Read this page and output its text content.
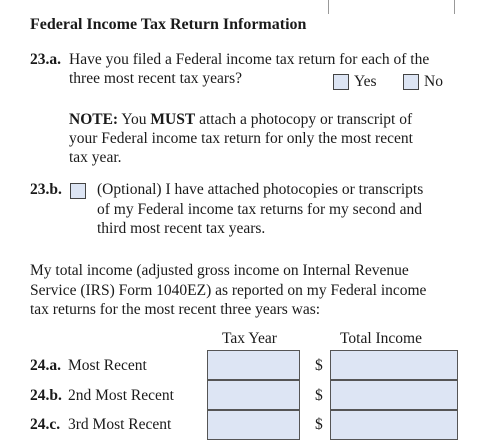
Federal Income Tax Return Information
23.a. Have you filed a Federal income tax return for each of the
three most recent tax years?	Yes	No
NOTE: You MUST attach a photocopy or transcript of
your Federal income tax return for only the most recent
tax year.
23.b. (Optional) I have attached photocopies or transcripts
of my Federal income tax returns for my second and
third most recent tax years.
My total income (adjusted gross income on Internal Revenue
Service (IRS) Form 1040EZ) as reported on my Federal income
tax returns for the most recent three years was:
Tax Year	Total Income
24.a. Most Recent	$
24.b. 2nd Most Recent	$
24.c. 3rd Most Recent	$
